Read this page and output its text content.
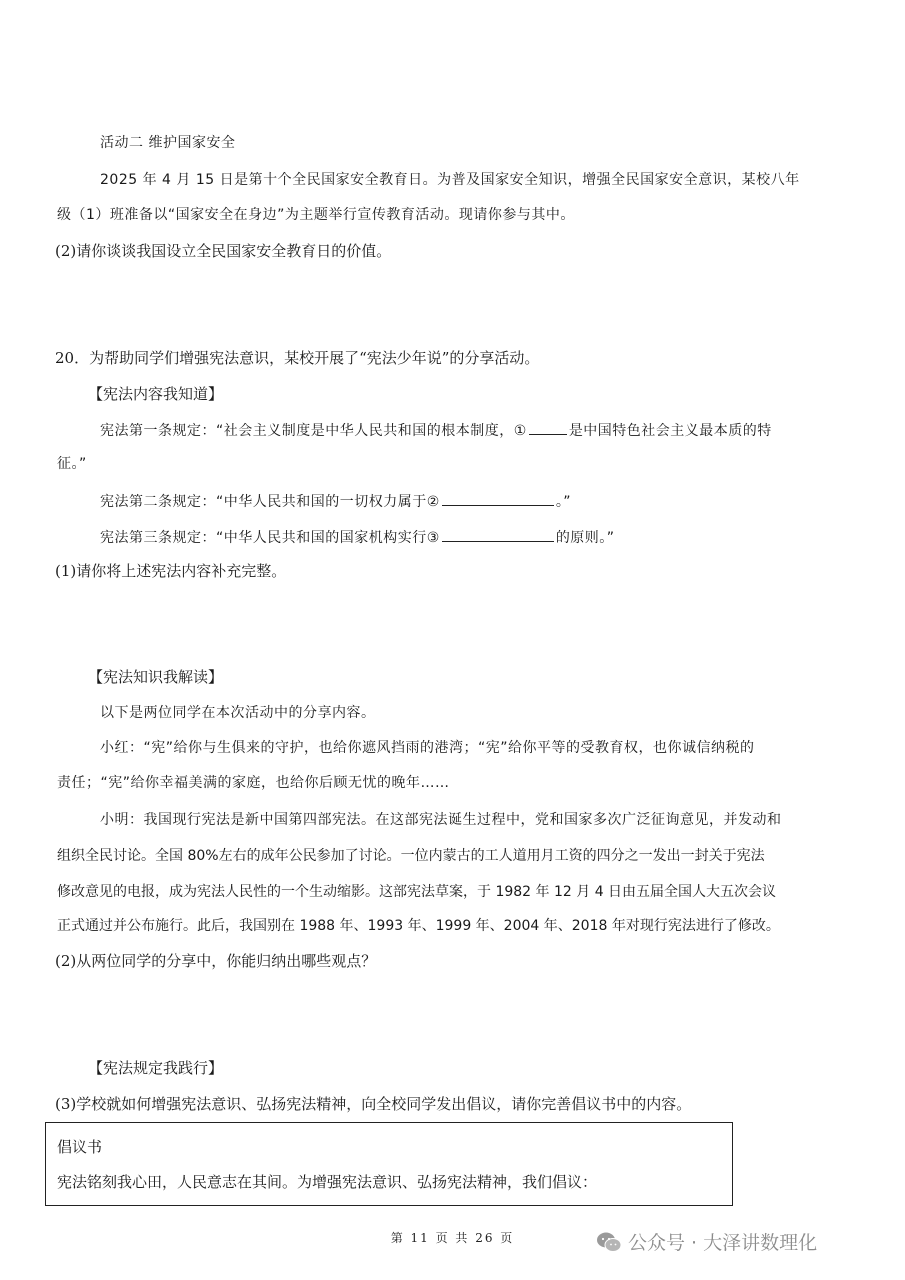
活动二 维护国家安全
2025 年 4 月 15 日是第十个全民国家安全教育日。为普及国家安全知识，增强全民国家安全意识，某校八年
级（1）班准备以“国家安全在身边”为主题举行宣传教育活动。现请你参与其中。
(2)请你谈谈我国设立全民国家安全教育日的价值。
20．为帮助同学们增强宪法意识，某校开展了“宪法少年说”的分享活动。
【宪法内容我知道】
宪法第一条规定：“社会主义制度是中华人民共和国的根本制度，①	是中国特色社会主义最本质的特
征。”
宪法第二条规定：“中华人民共和国的一切权力属于②	。”
宪法第三条规定：“中华人民共和国的国家机构实行③	的原则。”
(1)请你将上述宪法内容补充完整。
【宪法知识我解读】
以下是两位同学在本次活动中的分享内容。
小红：“宪”给你与生俱来的守护，也给你遮风挡雨的港湾；“宪”给你平等的受教育权，也你诚信纳税的
责任；“宪”给你幸福美满的家庭，也给你后顾无忧的晚年……
小明：我国现行宪法是新中国第四部宪法。在这部宪法诞生过程中，党和国家多次广泛征询意见，并发动和
组织全民讨论。全国 80%左右的成年公民参加了讨论。一位内蒙古的工人道用月工资的四分之一发出一封关于宪法
修改意见的电报，成为宪法人民性的一个生动缩影。这部宪法草案，于 1982 年 12 月 4 日由五届全国人大五次会议
正式通过并公布施行。此后，我国别在 1988 年、1993 年、1999 年、2004 年、2018 年对现行宪法进行了修改。
(2)从两位同学的分享中，你能归纳出哪些观点？
【宪法规定我践行】
(3)学校就如何增强宪法意识、弘扬宪法精神，向全校同学发出倡议，请你完善倡议书中的内容。
倡议书
宪法铭刻我心田，人民意志在其间。为增强宪法意识、弘扬宪法精神，我们倡议：
第 11 页 共 26 页	公众号 · 大泽讲数理化
